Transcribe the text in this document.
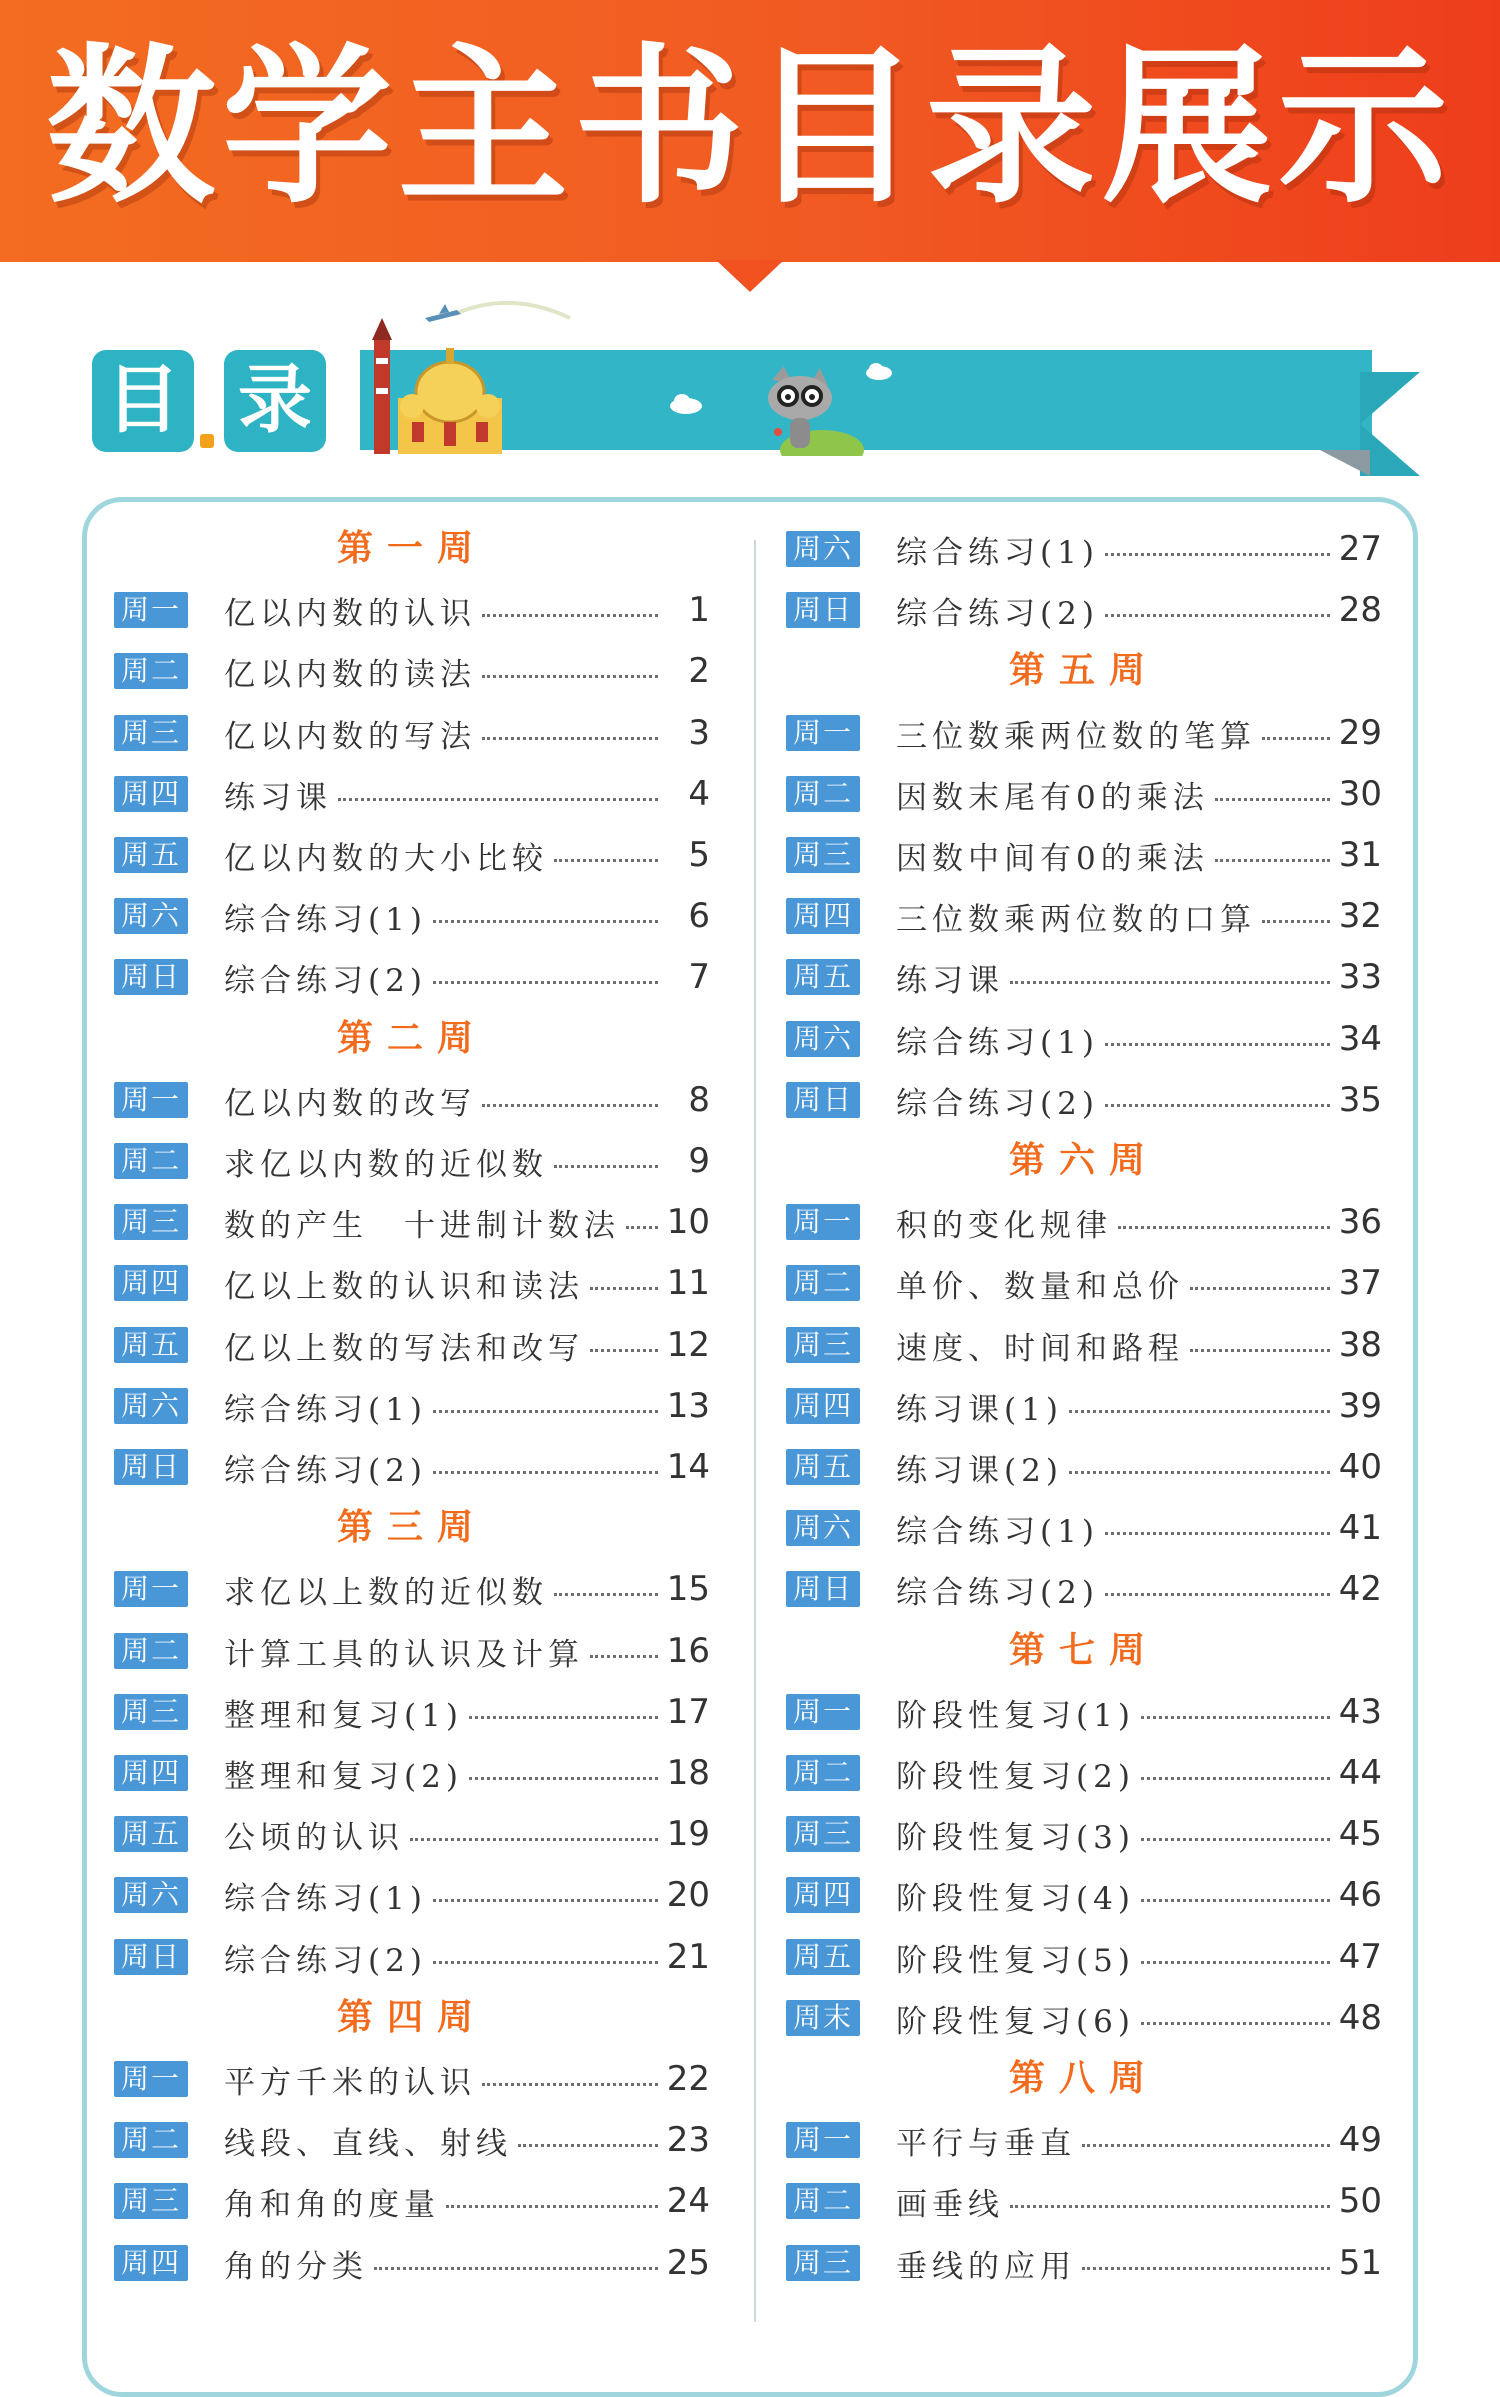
数学主书目录展示
目 录
第一周
周一 亿以内数的认识	1
周二 亿以内数的读法	2
周三 亿以内数的写法	3
周四 练习课	4
周五 亿以内数的大小比较	5
周六 综合练习(1)	6
周日 综合练习(2)	7
第二周
周一 亿以内数的改写	8
周二 求亿以内数的近似数	9
周三 数的产生　十进制计数法 10
周四 亿以上数的认识和读法 11
周五 亿以上数的写法和改写 12
周六 综合练习(1)	13
周日 综合练习(2)	14
第三周
周一 求亿以上数的近似数	15
周二 计算工具的认识及计算 16
周三 整理和复习(1)	17
周四 整理和复习(2)	18
周五 公顷的认识	19
周六 综合练习(1)	20
周日 综合练习(2)	21
第四周
周一 平方千米的认识	22
周二 线段、直线、射线	23
周三 角和角的度量	24
周四 角的分类	25
周六 综合练习(1)	27
周日 综合练习(2)	28
第五周
周一 三位数乘两位数的笔算 29
周二 因数末尾有0的乘法	30
周三 因数中间有0的乘法	31
周四 三位数乘两位数的口算 32
周五 练习课	33
周六 综合练习(1)	34
周日 综合练习(2)	35
第六周
周一 积的变化规律	36
周二 单价、数量和总价	37
周三 速度、时间和路程	38
周四 练习课(1)	39
周五 练习课(2)	40
周六 综合练习(1)	41
周日 综合练习(2)	42
第七周
周一 阶段性复习(1)	43
周二 阶段性复习(2)	44
周三 阶段性复习(3)	45
周四 阶段性复习(4)	46
周五 阶段性复习(5)	47
周末 阶段性复习(6)	48
第八周
周一 平行与垂直	49
周二 画垂线	50
周三 垂线的应用	51
